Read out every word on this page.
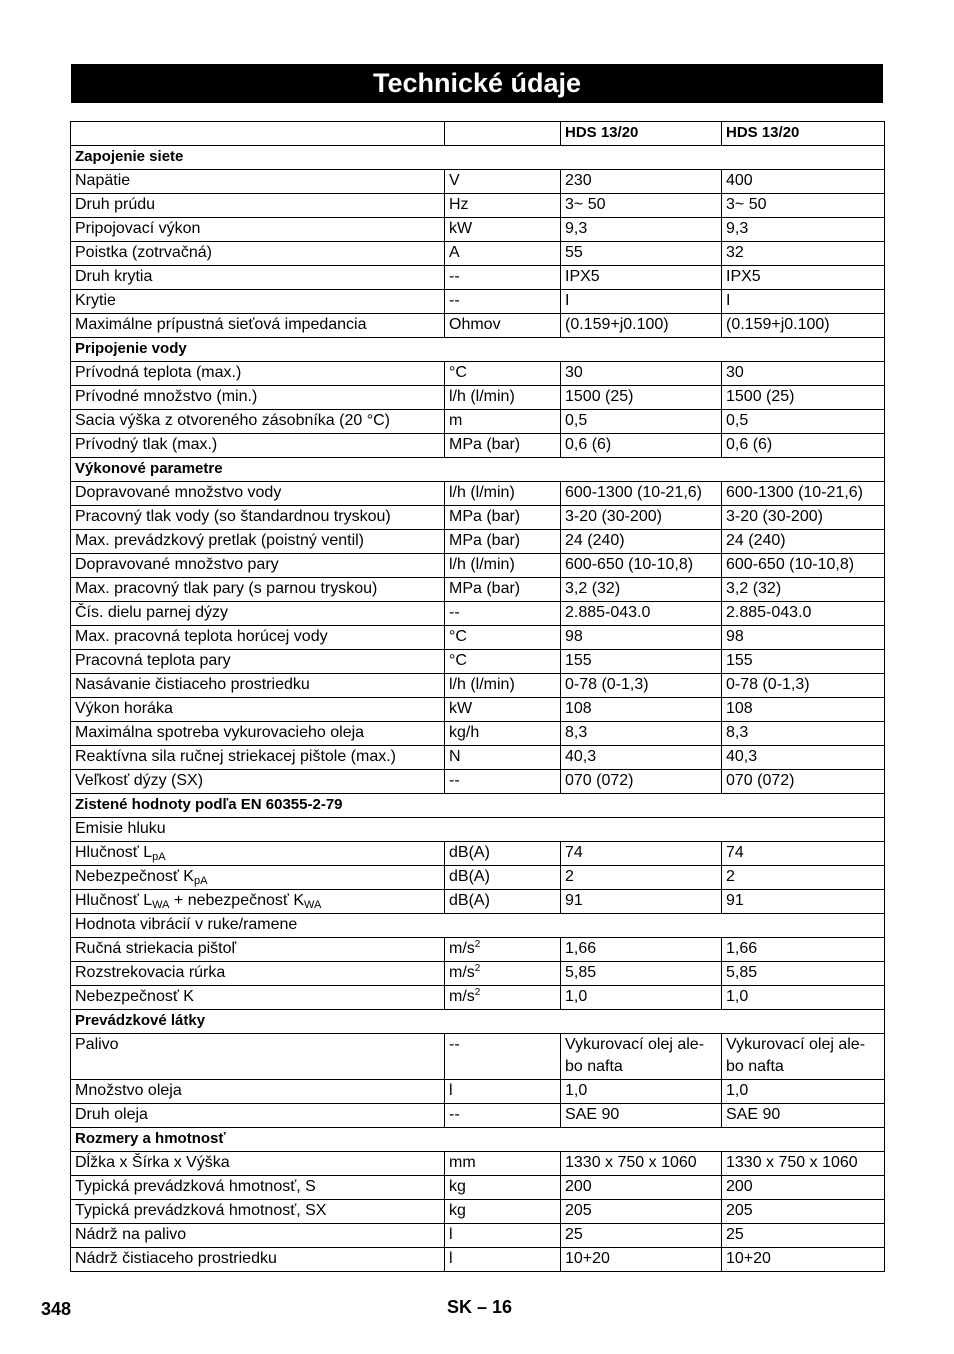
Technické údaje
		HDS 13/20	HDS 13/20
Zapojenie siete			
Napätie	V	230	400
Druh prúdu	Hz	3~ 50	3~ 50
Pripojovací výkon	kW	9,3	9,3
Poistka (zotrvačná)	A	55	32
Druh krytia	--	IPX5	IPX5
Krytie	--	I	I
Maximálne prípustná sieťová impedancia	Ohmov	(0.159+j0.100)	(0.159+j0.100)
Pripojenie vody			
Prívodná teplota (max.)	°C	30	30
Prívodné množstvo (min.)	l/h (l/min)	1500 (25)	1500 (25)
Sacia výška z otvoreného zásobníka (20 °C)	m	0,5	0,5
Prívodný tlak (max.)	MPa (bar)	0,6 (6)	0,6 (6)
Výkonové parametre			
Dopravované množstvo vody	l/h (l/min)	600-1300 (10-21,6)	600-1300 (10-21,6)
Pracovný tlak vody (so štandardnou tryskou)	MPa (bar)	3-20 (30-200)	3-20 (30-200)
Max. prevádzkový pretlak (poistný ventil)	MPa (bar)	24 (240)	24 (240)
Dopravované množstvo pary	l/h (l/min)	600-650 (10-10,8)	600-650 (10-10,8)
Max. pracovný tlak pary (s parnou tryskou)	MPa (bar)	3,2 (32)	3,2 (32)
Čís. dielu parnej dýzy	--	2.885-043.0	2.885-043.0
Max. pracovná teplota horúcej vody	°C	98	98
Pracovná teplota pary	°C	155	155
Nasávanie čistiaceho prostriedku	l/h (l/min)	0-78 (0-1,3)	0-78 (0-1,3)
Výkon horáka	kW	108	108
Maximálna spotreba vykurovacieho oleja	kg/h	8,3	8,3
Reaktívna sila ručnej striekacej pištole (max.)	N	40,3	40,3
Veľkosť dýzy (SX)	--	070 (072)	070 (072)
Zistené hodnoty podľa EN 60355-2-79			
Emisie hluku			
Hlučnosť $L_{pA}$	dB(A)	74	74
Nebezpečnosť $K_{pA}$	dB(A)	2	2
Hlučnosť $L_{WA}$ + nebezpečnosť $K_{WA}$	dB(A)	91	91
Hodnota vibrácií v ruke/ramene			
Ručná striekacia pištoľ	$m/s^2$	1,66	1,66
Rozstrekovacia rúrka	$m/s^2$	5,85	5,85
Nebezpečnosť K	$m/s^2$	1,0	1,0
Prevádzkové látky			
Palivo	--	Vykurovací olej ale-bo nafta	Vykurovací olej ale-bo nafta
Množstvo oleja	l	1,0	1,0
Druh oleja	--	SAE 90	SAE 90
Rozmery a hmotnosť			
Dĺžka x Šírka x Výška	mm	1330 x 750 x 1060	1330 x 750 x 1060
Typická prevádzková hmotnosť, S	kg	200	200
Typická prevádzková hmotnosť, SX	kg	205	205
Nádrž na palivo	l	25	25
Nádrž čistiaceho prostriedku	l	10+20	10+20
348	SK – 16
